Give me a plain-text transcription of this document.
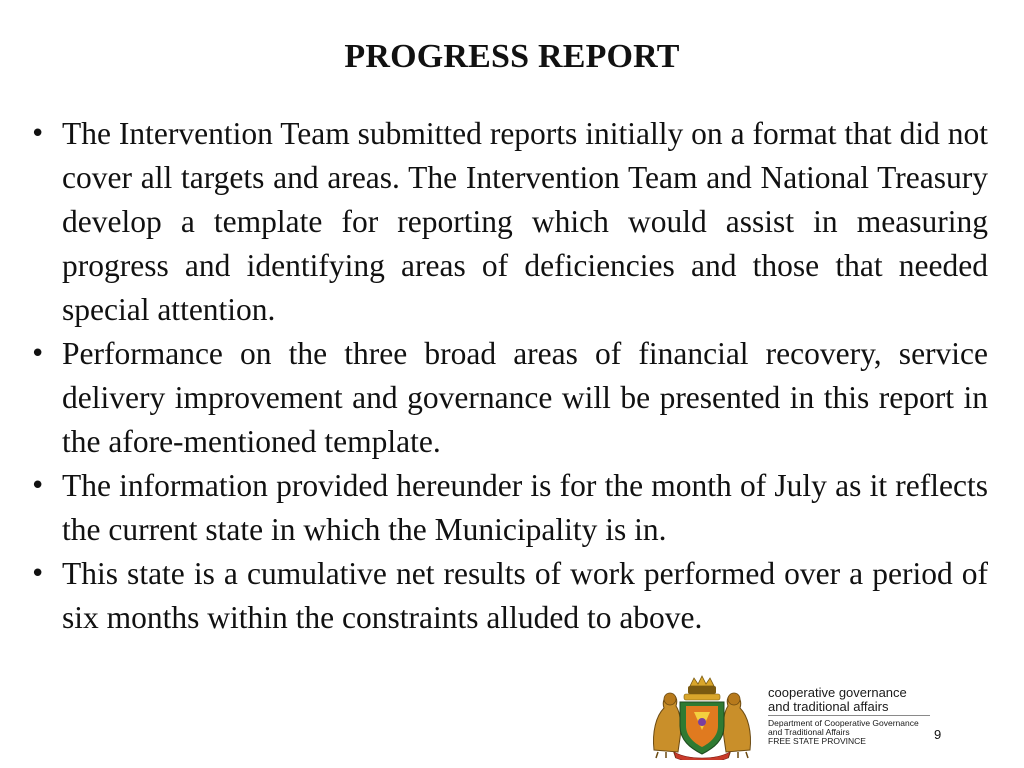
PROGRESS REPORT
• The Intervention Team submitted reports initially on a format that did not cover all targets and areas. The Intervention Team and National Treasury develop a template for reporting which would assist in measuring progress and identifying areas of deficiencies and those that needed special attention.
• Performance on the three broad areas of financial recovery, service delivery improvement and governance will be presented in this report in the afore-mentioned template.
• The information provided hereunder is for the month of July as it reflects the current state in which the Municipality is in.
• This state is a cumulative net results of work performed over a period of six months within the constraints alluded to above.
cooperative governance
and traditional affairs
Department of Cooperative Governance
and Traditional Affairs
FREE STATE PROVINCE	9
